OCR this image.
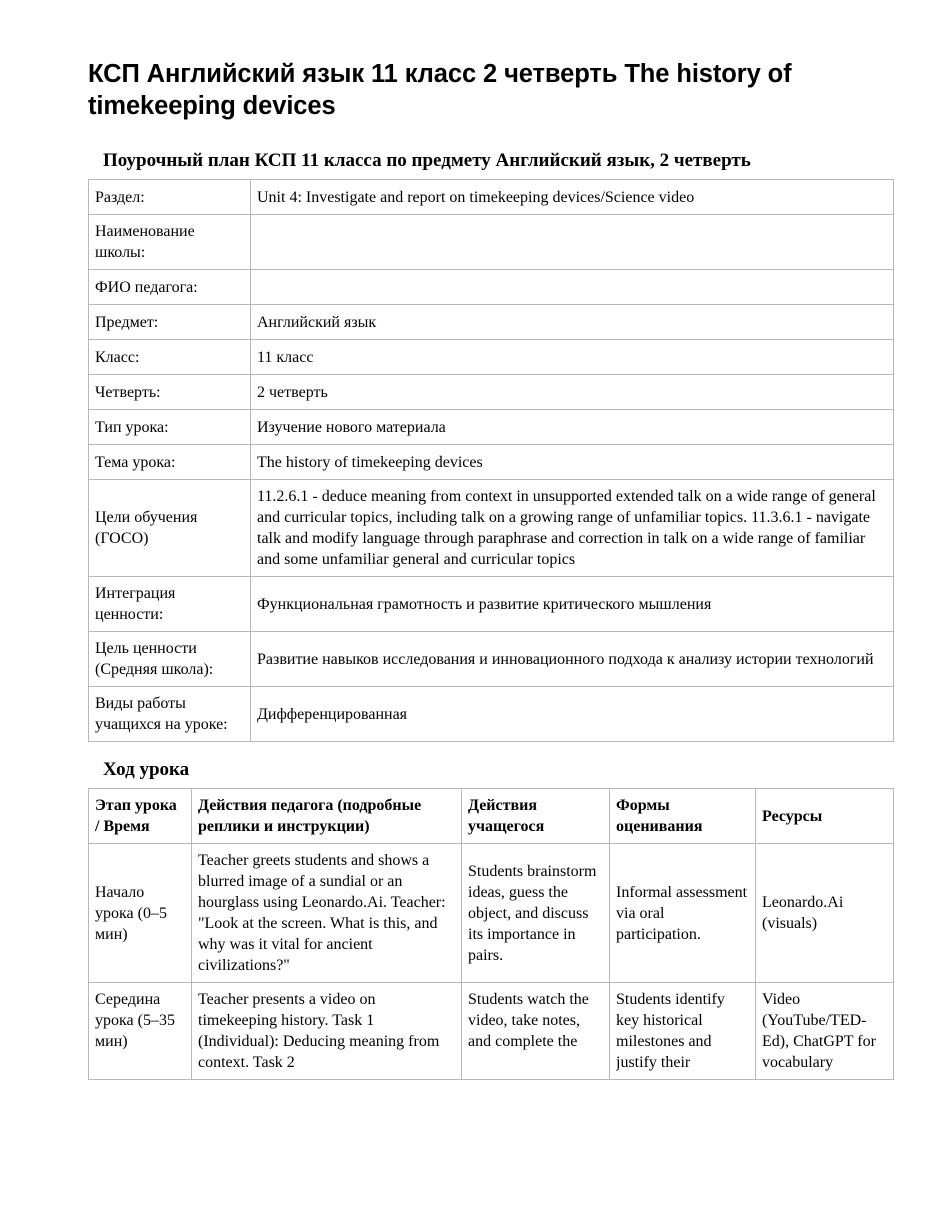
КСП Английский язык 11 класс 2 четверть The history of timekeeping devices
Поурочный план КСП 11 класса по предмету Английский язык, 2 четверть
Раздел:	Unit 4: Investigate and report on timekeeping devices/Science video
Наименование школы:	
ФИО педагога:	
Предмет:	Английский язык
Класс:	11 класс
Четверть:	2 четверть
Тип урока:	Изучение нового материала
Тема урока:	The history of timekeeping devices
Цели обучения (ГОСО)	11.2.6.1 - deduce meaning from context in unsupported extended talk on a wide range of general and curricular topics, including talk on a growing range of unfamiliar topics. 11.3.6.1 - navigate talk and modify language through paraphrase and correction in talk on a wide range of familiar and some unfamiliar general and curricular topics
Интеграция ценности:	Функциональная грамотность и развитие критического мышления
Цель ценности (Средняя школа):	Развитие навыков исследования и инновационного подхода к анализу истории технологий
Виды работы учащихся на уроке:	Дифференцированная
Ход урока
Этап урока / Время	Действия педагога (подробные реплики и инструкции)	Действия учащегося	Формы оценивания	Ресурсы
Начало урока (0–5 мин)	Teacher greets students and shows a blurred image of a sundial or an hourglass using Leonardo.Ai. Teacher: "Look at the screen. What is this, and why was it vital for ancient civilizations?"	Students brainstorm ideas, guess the object, and discuss its importance in pairs.	Informal assessment via oral participation.	Leonardo.Ai (visuals)

Середина урока (5–35 мин)	Teacher presents a video on timekeeping history. Task 1 (Individual): Deducing meaning from context. Task 2	Students watch the video, take notes, and complete the	Students identify key historical milestones and justify their	Video (YouTube/TED-Ed), ChatGPT for vocabulary
